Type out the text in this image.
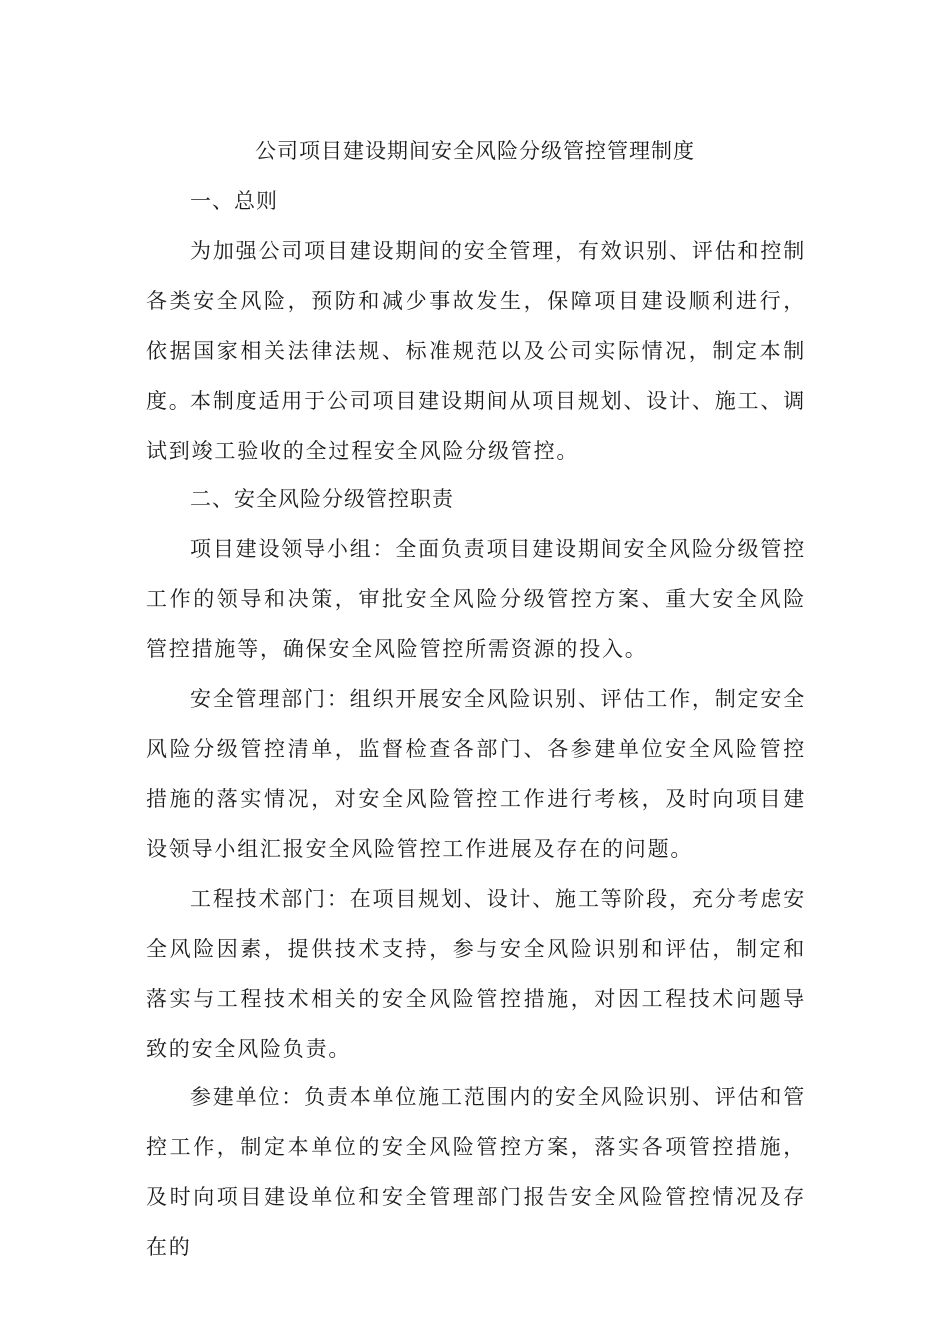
公司项目建设期间安全风险分级管控管理制度
一、总则

为加强公司项目建设期间的安全管理，有效识别、评估和控制各类安全风险，预防和减少事故发生，保障项目建设顺利进行，依据国家相关法律法规、标准规范以及公司实际情况，制定本制度。

本制度适用于公司项目建设期间从项目规划、设计、施工、调试到竣工验收的全过程安全风险分级管控。

二、安全风险分级管控职责

项目建设领导小组：全面负责项目建设期间安全风险分级管控工作的领导和决策，审批安全风险分级管控方案、重大安全风险管控措施等，确保安全风险管控所需资源的投入。

安全管理部门：组织开展安全风险识别、评估工作，制定安全风险分级管控清单，监督检查各部门、各参建单位安全风险管控措施的落实情况，对安全风险管控工作进行考核，及时向项目建设领导小组汇报安全风险管控工作进展及存在的问题。

工程技术部门：在项目规划、设计、施工等阶段，充分考虑安全风险因素，提供技术支持，参与安全风险识别和评估，制定和落实与工程技术相关的安全风险管控措施，对因工程技术问题导致的安全风险负责。

参建单位：负责本单位施工范围内的安全风险识别、评估和管控工作，制定本单位的安全风险管控方案，落实各项管控措施，及时向项目建设单位和安全管理部门报告安全风险管控情况及存在的
